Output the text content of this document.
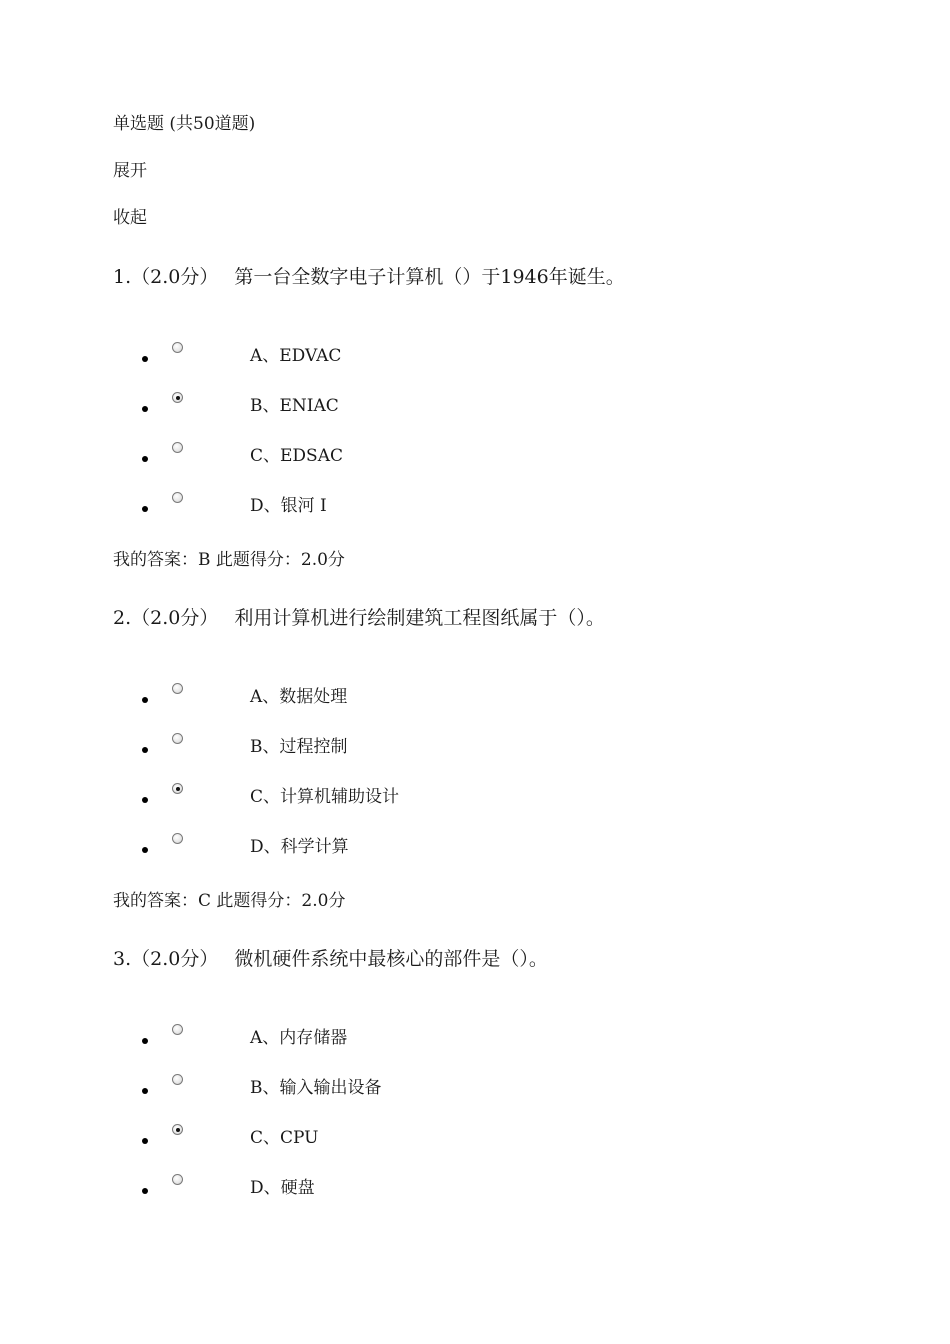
单选题 (共50道题)
展开
收起
1.（2.0分） 第一台全数字电子计算机（）于1946年诞生。
A、EDVAC
B、ENIAC
C、EDSAC
D、银河 I
我的答案：B 此题得分：2.0分
2.（2.0分） 利用计算机进行绘制建筑工程图纸属于（）。
A、数据处理
B、过程控制
C、计算机辅助设计
D、科学计算
我的答案：C 此题得分：2.0分
3.（2.0分） 微机硬件系统中最核心的部件是（）。
A、内存储器
B、输入输出设备
C、CPU
D、硬盘
